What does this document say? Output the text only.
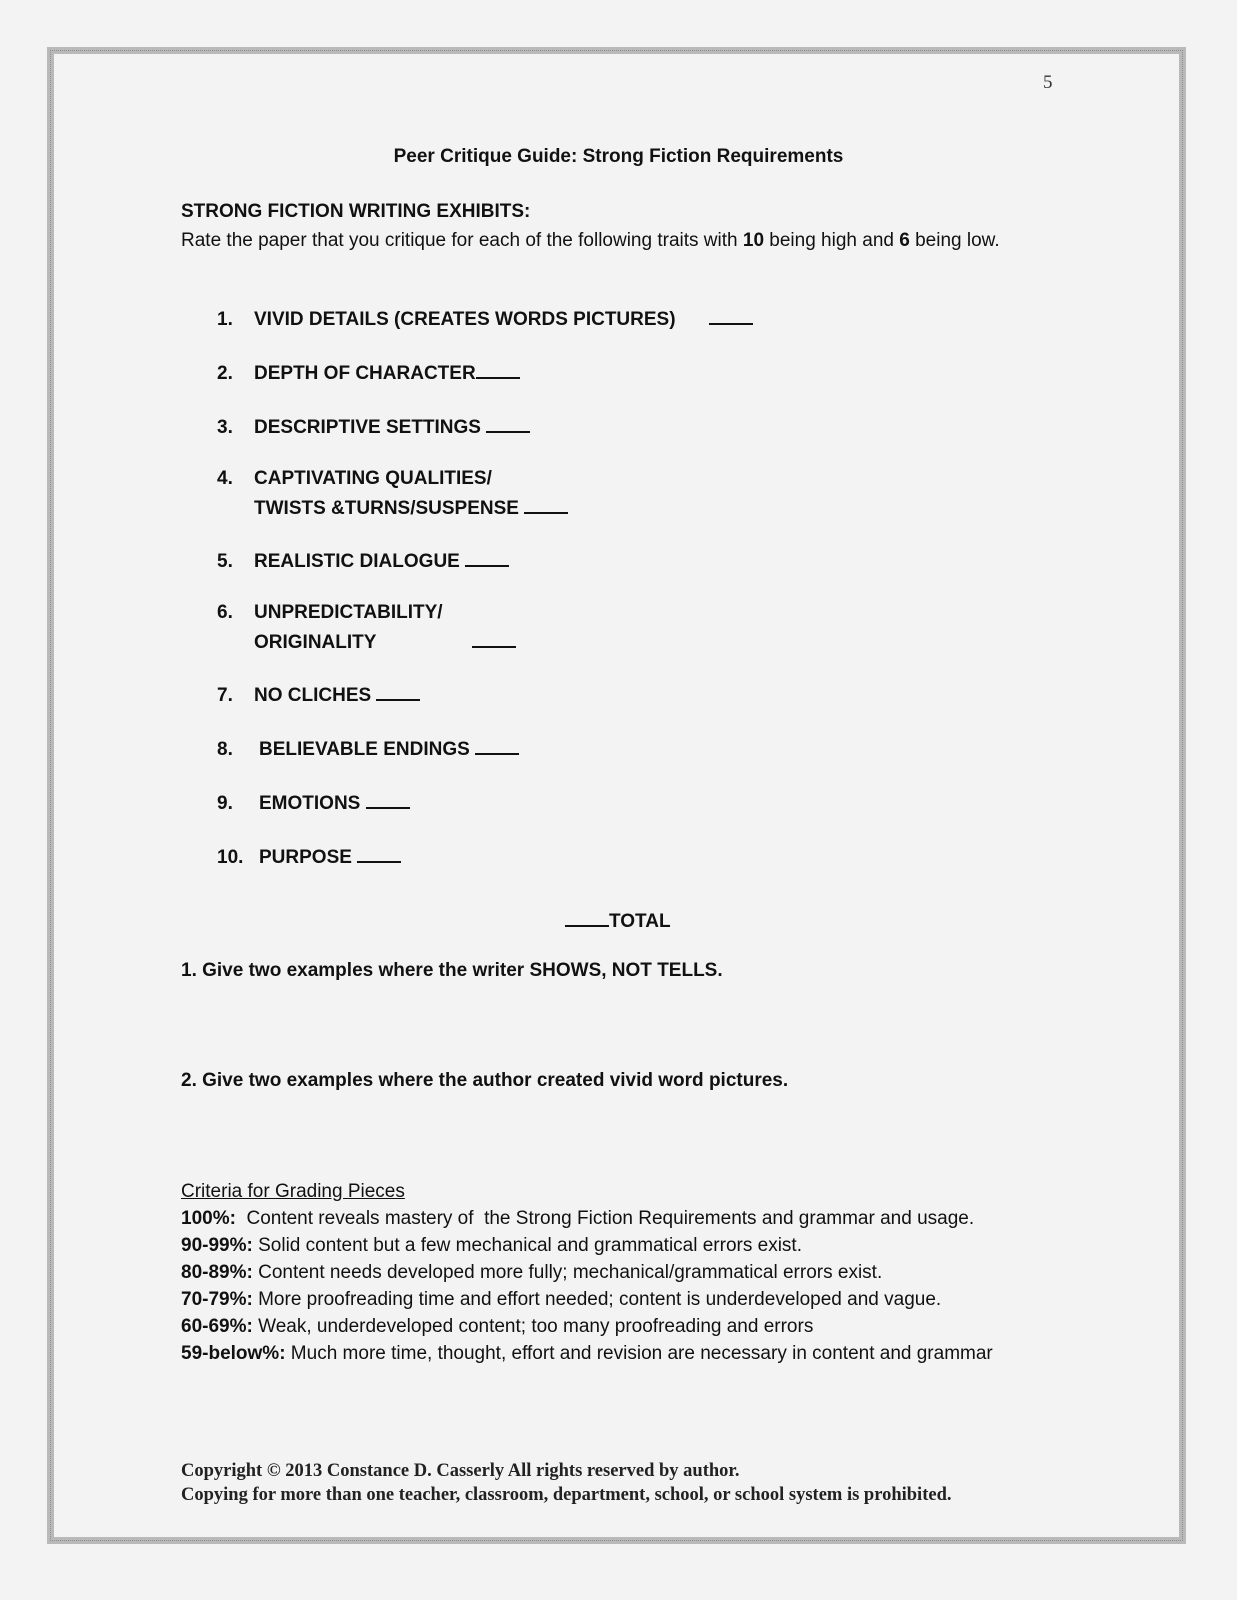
5
Peer Critique Guide: Strong Fiction Requirements
STRONG FICTION WRITING EXHIBITS:
Rate the paper that you critique for each of the following traits with 10 being high and 6 being low.
1. VIVID DETAILS (CREATES WORDS PICTURES)
2. DEPTH OF CHARACTER
3. DESCRIPTIVE SETTINGS
4. CAPTIVATING QUALITIES/
TWISTS &TURNS/SUSPENSE
5. REALISTIC DIALOGUE
6. UNPREDICTABILITY/
ORIGINALITY
7. NO CLICHES
8. BELIEVABLE ENDINGS
9. EMOTIONS
10. PURPOSE
TOTAL
1. Give two examples where the writer SHOWS, NOT TELLS.
2. Give two examples where the author created vivid word pictures.
Criteria for Grading Pieces
100%:  Content reveals mastery of  the Strong Fiction Requirements and grammar and usage.
90-99%: Solid content but a few mechanical and grammatical errors exist.
80-89%: Content needs developed more fully; mechanical/grammatical errors exist.
70-79%: More proofreading time and effort needed; content is underdeveloped and vague.
60-69%: Weak, underdeveloped content; too many proofreading and errors
59-below%: Much more time, thought, effort and revision are necessary in content and grammar
Copyright © 2013 Constance D. Casserly All rights reserved by author.
Copying for more than one teacher, classroom, department, school, or school system is prohibited.
